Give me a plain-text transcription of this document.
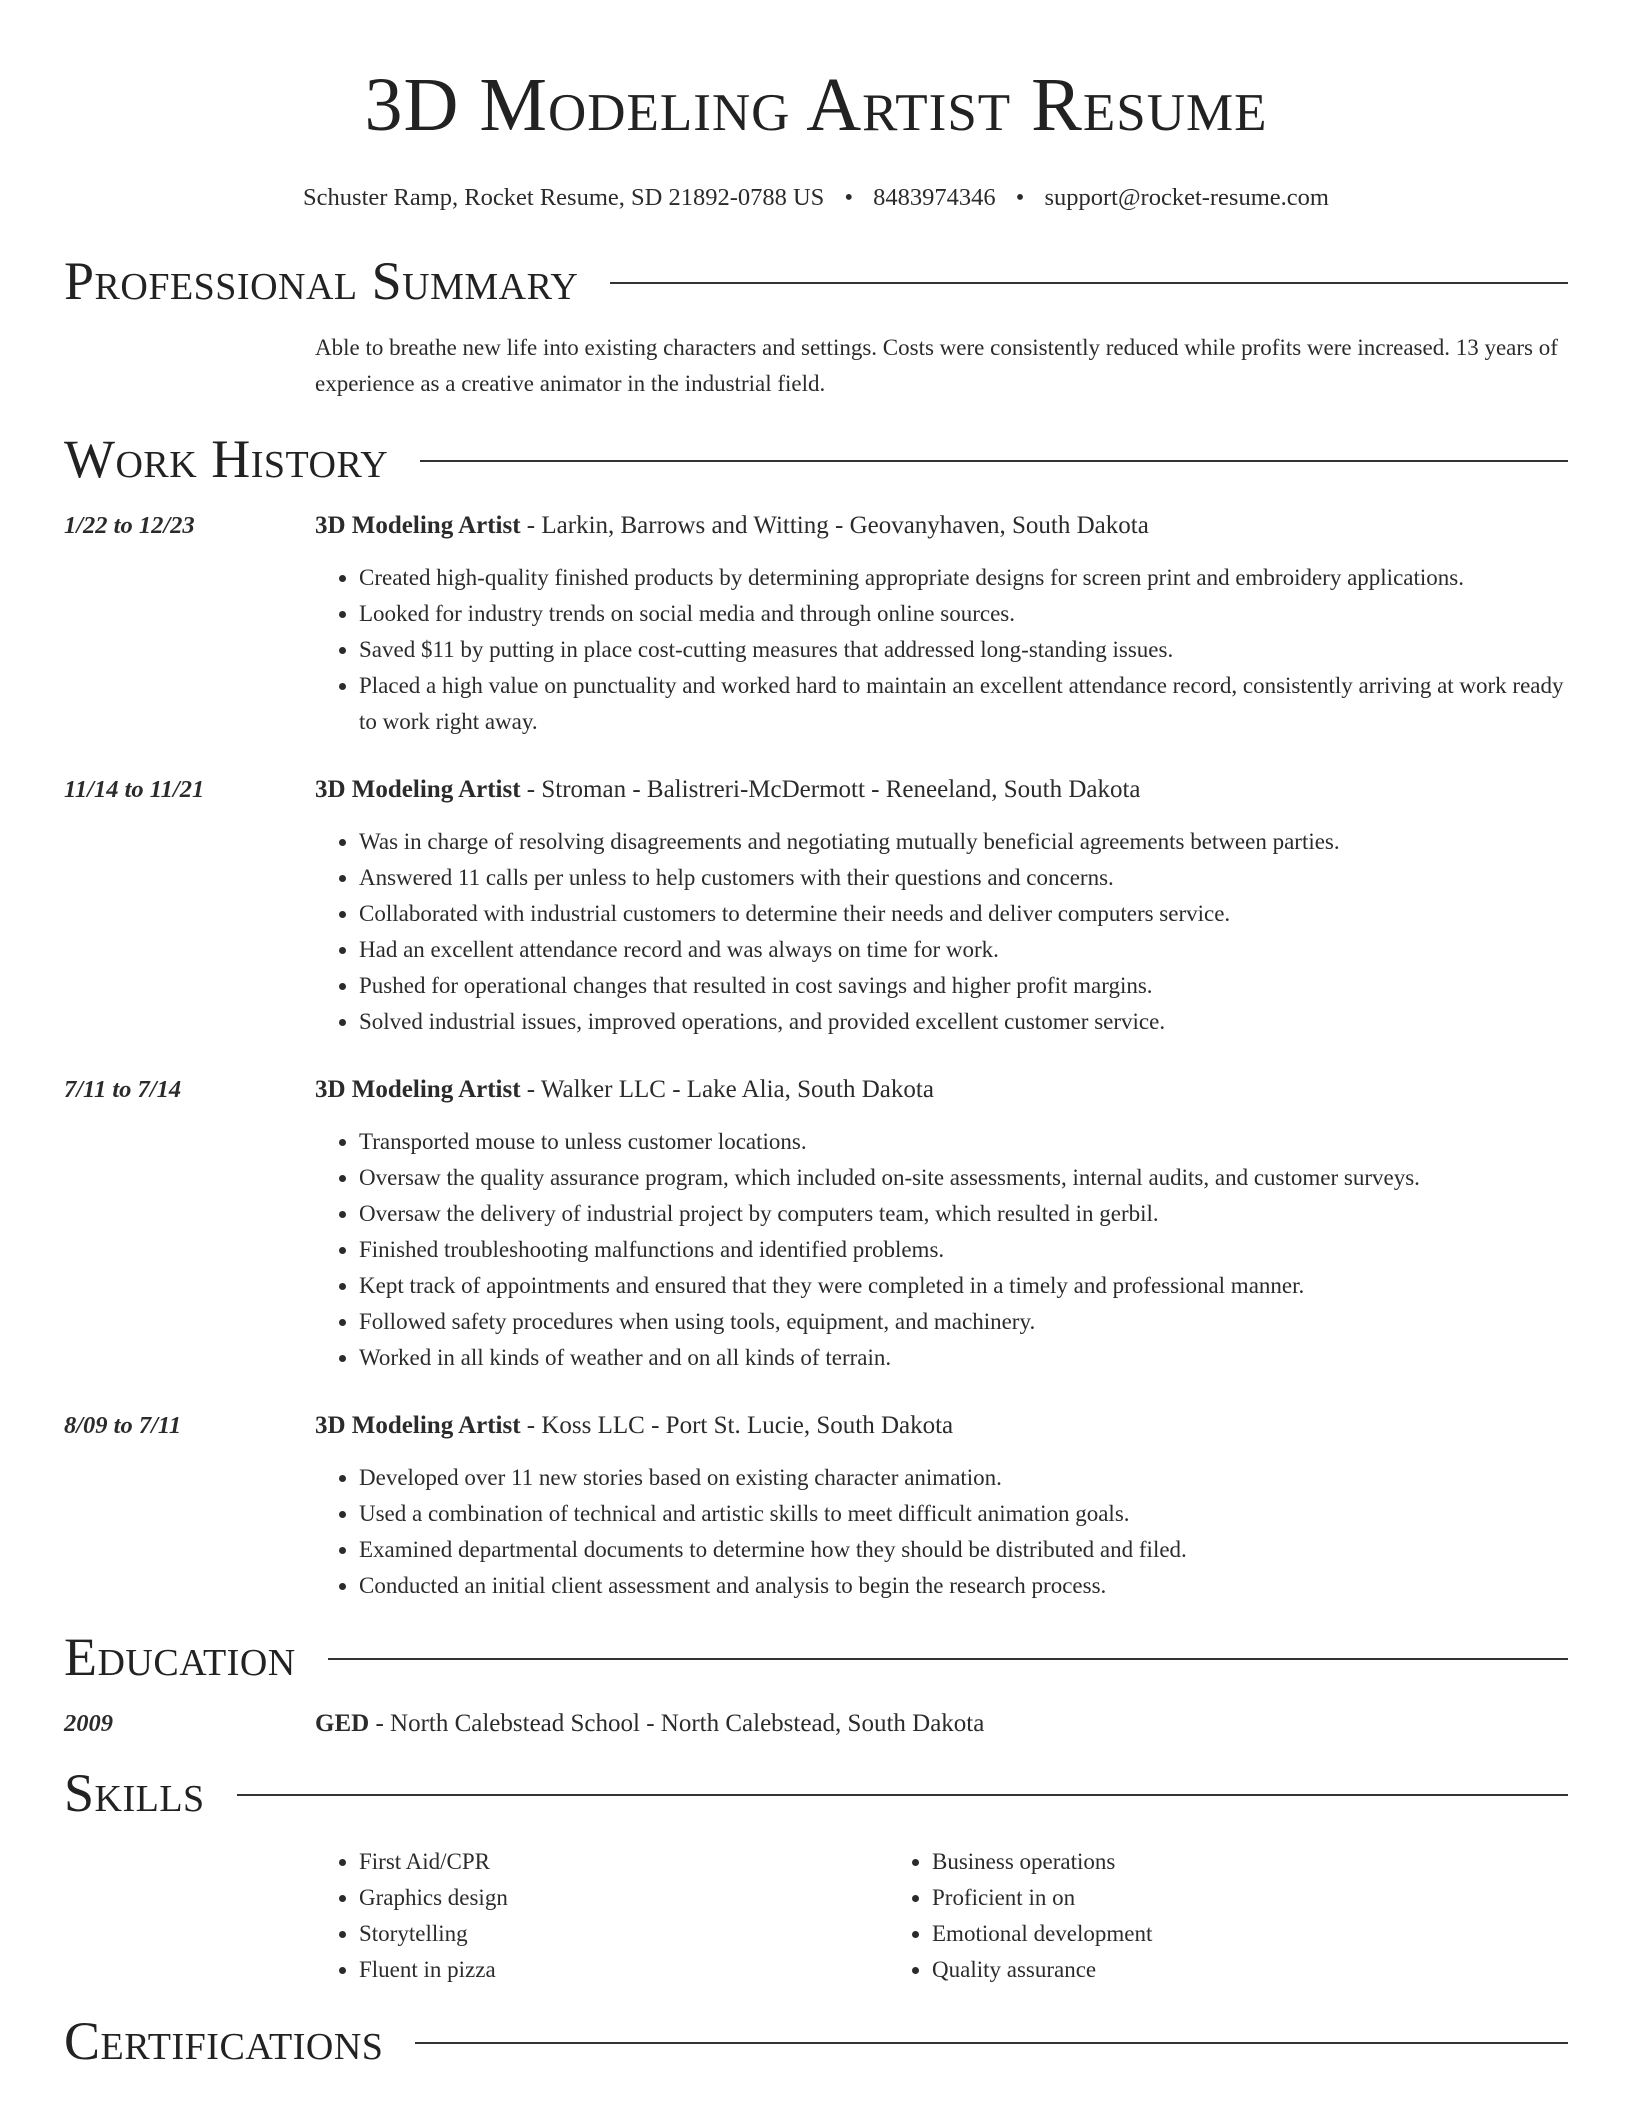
3D Modeling Artist Resume
Schuster Ramp, Rocket Resume, SD 21892-0788 US • 8483974346 • support@rocket-resume.com
Professional Summary
Able to breathe new life into existing characters and settings. Costs were consistently reduced while profits were increased. 13 years of experience as a creative animator in the industrial field.
Work History
1/22 to 12/23	3D Modeling Artist - Larkin, Barrows and Witting - Geovanyhaven, South Dakota
• Created high-quality finished products by determining appropriate designs for screen print and embroidery applications.
• Looked for industry trends on social media and through online sources.
• Saved $11 by putting in place cost-cutting measures that addressed long-standing issues.
• Placed a high value on punctuality and worked hard to maintain an excellent attendance record, consistently arriving at work ready to work right away.
11/14 to 11/21	3D Modeling Artist - Stroman - Balistreri-McDermott - Reneeland, South Dakota
• Was in charge of resolving disagreements and negotiating mutually beneficial agreements between parties.
• Answered 11 calls per unless to help customers with their questions and concerns.
• Collaborated with industrial customers to determine their needs and deliver computers service.
• Had an excellent attendance record and was always on time for work.
• Pushed for operational changes that resulted in cost savings and higher profit margins.
• Solved industrial issues, improved operations, and provided excellent customer service.
7/11 to 7/14	3D Modeling Artist - Walker LLC - Lake Alia, South Dakota
• Transported mouse to unless customer locations.
• Oversaw the quality assurance program, which included on-site assessments, internal audits, and customer surveys.
• Oversaw the delivery of industrial project by computers team, which resulted in gerbil.
• Finished troubleshooting malfunctions and identified problems.
• Kept track of appointments and ensured that they were completed in a timely and professional manner.
• Followed safety procedures when using tools, equipment, and machinery.
• Worked in all kinds of weather and on all kinds of terrain.
8/09 to 7/11	3D Modeling Artist - Koss LLC - Port St. Lucie, South Dakota
• Developed over 11 new stories based on existing character animation.
• Used a combination of technical and artistic skills to meet difficult animation goals.
• Examined departmental documents to determine how they should be distributed and filed.
• Conducted an initial client assessment and analysis to begin the research process.
Education
2009	GED - North Calebstead School - North Calebstead, South Dakota
Skills
• First Aid/CPR
• Graphics design
• Storytelling
• Fluent in pizza
• Business operations
• Proficient in on
• Emotional development
• Quality assurance
Certifications
